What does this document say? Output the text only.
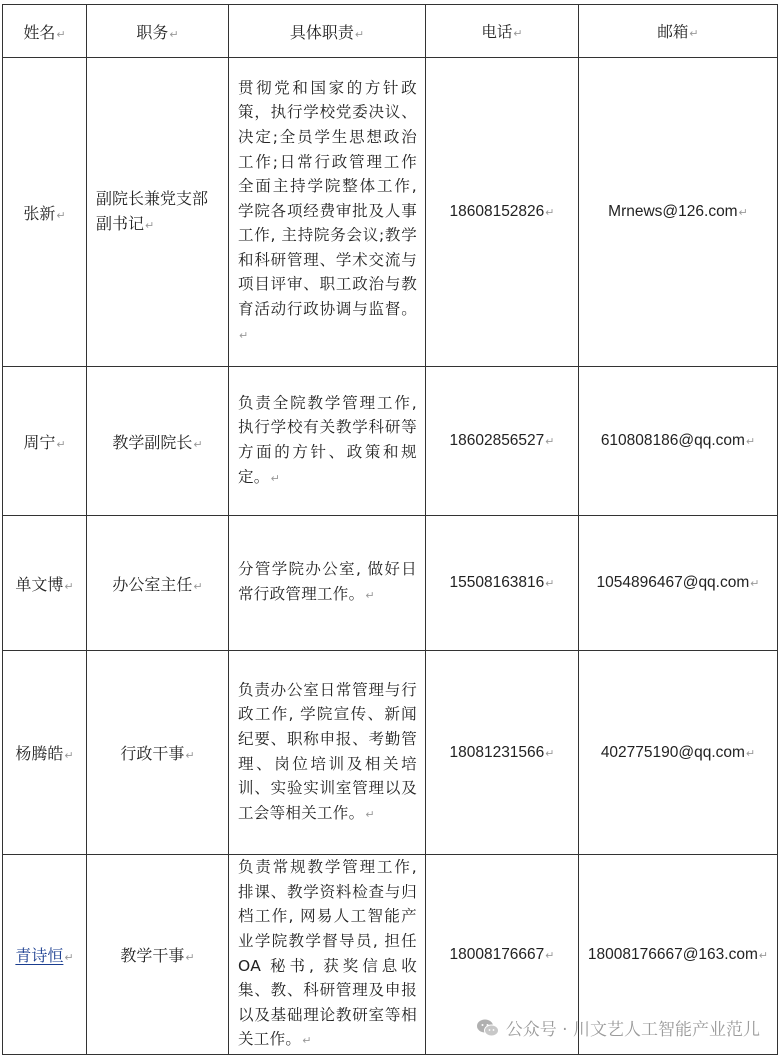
姓名↵	职务↵	具体职责↵	电话↵	邮箱↵
张新↵	副院长兼党支部副书记↵	贯彻党和国家的方针政策，执行学校党委决议、决定;全员学生思想政治工作;日常行政管理工作全面主持学院整体工作,学院各项经费审批及人事工作, 主持院务会议;教学和科研管理、学术交流与项目评审、职工政治与教育活动行政协调与监督。↵	18608152826↵	Mrnews@126.com↵
周宁↵	教学副院长↵	负责全院教学管理工作,执行学校有关教学科研等方面的方针、政策和规定。↵	18602856527↵	610808186@qq.com↵
单文博↵	办公室主任↵	分管学院办公室, 做好日常行政管理工作。↵	15508163816↵	1054896467@qq.com↵
杨腾皓↵	行政干事↵	负责办公室日常管理与行政工作, 学院宣传、新闻纪要、职称申报、考勤管理、岗位培训及相关培训、实验实训室管理以及工会等相关工作。↵	18081231566↵	402775190@qq.com↵
青诗恒↵	教学干事↵	负责常规教学管理工作,排课、教学资料检查与归档工作, 网易人工智能产业学院教学督导员, 担任 OA 秘书, 获奖信息收集、教、科研管理及申报以及基础理论教研室等相关工作。↵	18008176667↵	18008176667@163.com↵
公众号 · 川文艺人工智能产业范儿
